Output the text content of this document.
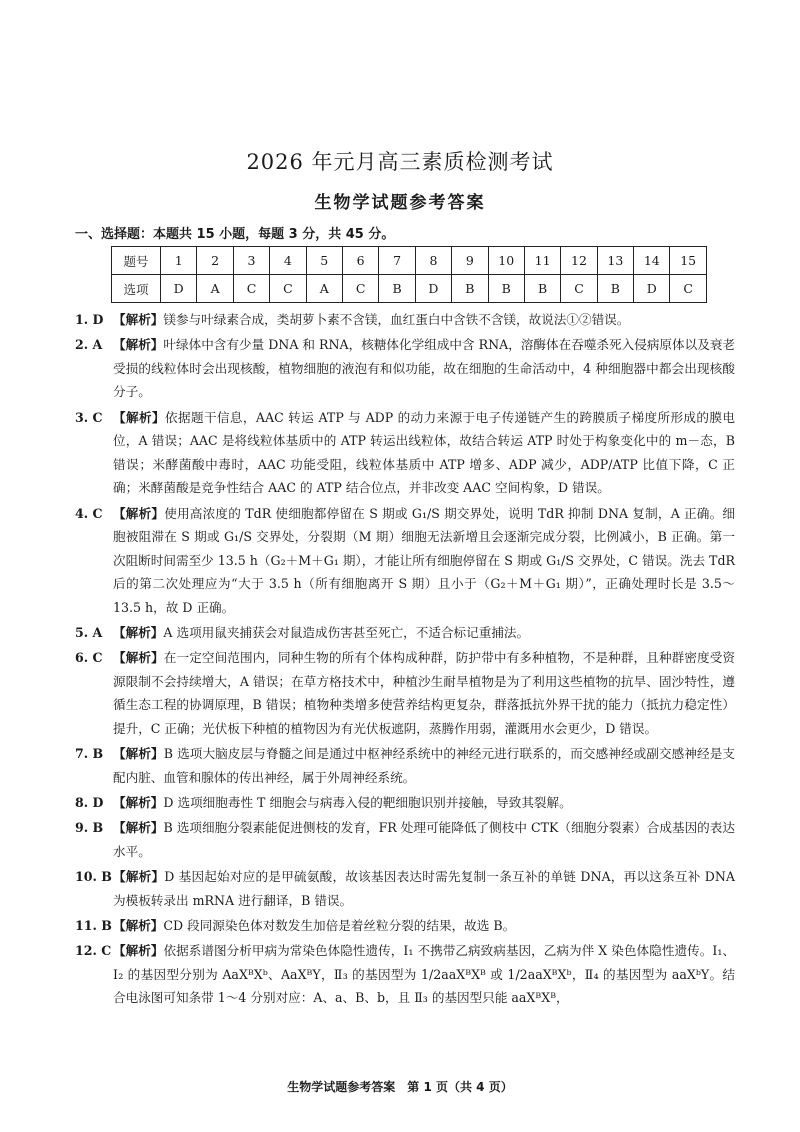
2026 年元月高三素质检测考试
生物学试题参考答案
一、选择题：本题共 15 小题，每题 3 分，共 45 分。
题号	1	2	3	4	5	6	7	8	9	10	11	12	13	14	15
选项	D	A	C	C	A	C	B	D	B	B	B	C	B	D	C
1. D 【解析】镁参与叶绿素合成，类胡萝卜素不含镁，血红蛋白中含铁不含镁，故说法①②错误。
2. A 【解析】叶绿体中含有少量 DNA 和 RNA，核糖体化学组成中含 RNA，溶酶体在吞噬杀死入侵病原体以及衰老受损的线粒体时会出现核酸，植物细胞的液泡有和似功能，故在细胞的生命活动中，4 种细胞器中都会出现核酸分子。
3. C 【解析】依据题干信息，AAC 转运 ATP 与 ADP 的动力来源于电子传递链产生的跨膜质子梯度所形成的膜电位，A 错误；AAC 是将线粒体基质中的 ATP 转运出线粒体，故结合转运 ATP 时处于构象变化中的 m－态，B 错误；米酵菌酸中毒时，AAC 功能受阻，线粒体基质中 ATP 增多、ADP 减少，ADP/ATP 比值下降，C 正确；米酵菌酸是竞争性结合 AAC 的 ATP 结合位点，并非改变 AAC 空间构象，D 错误。
4. C 【解析】使用高浓度的 TdR 使细胞都停留在 S 期或 G₁/S 期交界处，说明 TdR 抑制 DNA 复制，A 正确。细胞被阻滞在 S 期或 G₁/S 交界处，分裂期（M 期）细胞无法新增且会逐渐完成分裂，比例减小，B 正确。第一次阻断时间需至少 13.5 h（G₂＋M＋G₁ 期），才能让所有细胞停留在 S 期或 G₁/S 交界处，C 错误。洗去 TdR 后的第二次处理应为“大于 3.5 h（所有细胞离开 S 期）且小于（G₂＋M＋G₁ 期）”，正确处理时长是 3.5～13.5 h，故 D 正确。
5. A 【解析】A 选项用鼠夹捕获会对鼠造成伤害甚至死亡，不适合标记重捕法。
6. C 【解析】在一定空间范围内，同种生物的所有个体构成种群，防护带中有多种植物，不是种群，且种群密度受资源限制不会持续增大，A 错误；在草方格技术中，种植沙生耐旱植物是为了利用这些植物的抗旱、固沙特性，遵循生态工程的协调原理，B 错误；植物种类增多使营养结构更复杂，群落抵抗外界干扰的能力（抵抗力稳定性）提升，C 正确；光伏板下种植的植物因为有光伏板遮阴，蒸腾作用弱，灌溉用水会更少，D 错误。
7. B 【解析】B 选项大脑皮层与脊髓之间是通过中枢神经系统中的神经元进行联系的，而交感神经或副交感神经是支配内脏、血管和腺体的传出神经，属于外周神经系统。
8. D 【解析】D 选项细胞毒性 T 细胞会与病毒入侵的靶细胞识别并接触，导致其裂解。
9. B 【解析】B 选项细胞分裂素能促进侧枝的发育，FR 处理可能降低了侧枝中 CTK（细胞分裂素）合成基因的表达水平。
10. B 【解析】D 基因起始对应的是甲硫氨酸，故该基因表达时需先复制一条互补的单链 DNA，再以这条互补 DNA 为模板转录出 mRNA 进行翻译，B 错误。
11. B 【解析】CD 段同源染色体对数发生加倍是着丝粒分裂的结果，故选 B。
12. C 【解析】依据系谱图分析甲病为常染色体隐性遗传，Ⅰ₁ 不携带乙病致病基因，乙病为伴 X 染色体隐性遗传。Ⅰ₁、Ⅰ₂ 的基因型分别为 AaXᴮXᵇ、AaXᴮY，Ⅱ₃ 的基因型为 1/2aaXᴮXᴮ 或 1/2aaXᴮXᵇ，Ⅱ₄ 的基因型为 aaXᵇY。结合电泳图可知条带 1～4 分别对应：A、a、B、b，且 Ⅱ₃ 的基因型只能 aaXᴮXᴮ，
生物学试题参考答案　第 1 页（共 4 页）
